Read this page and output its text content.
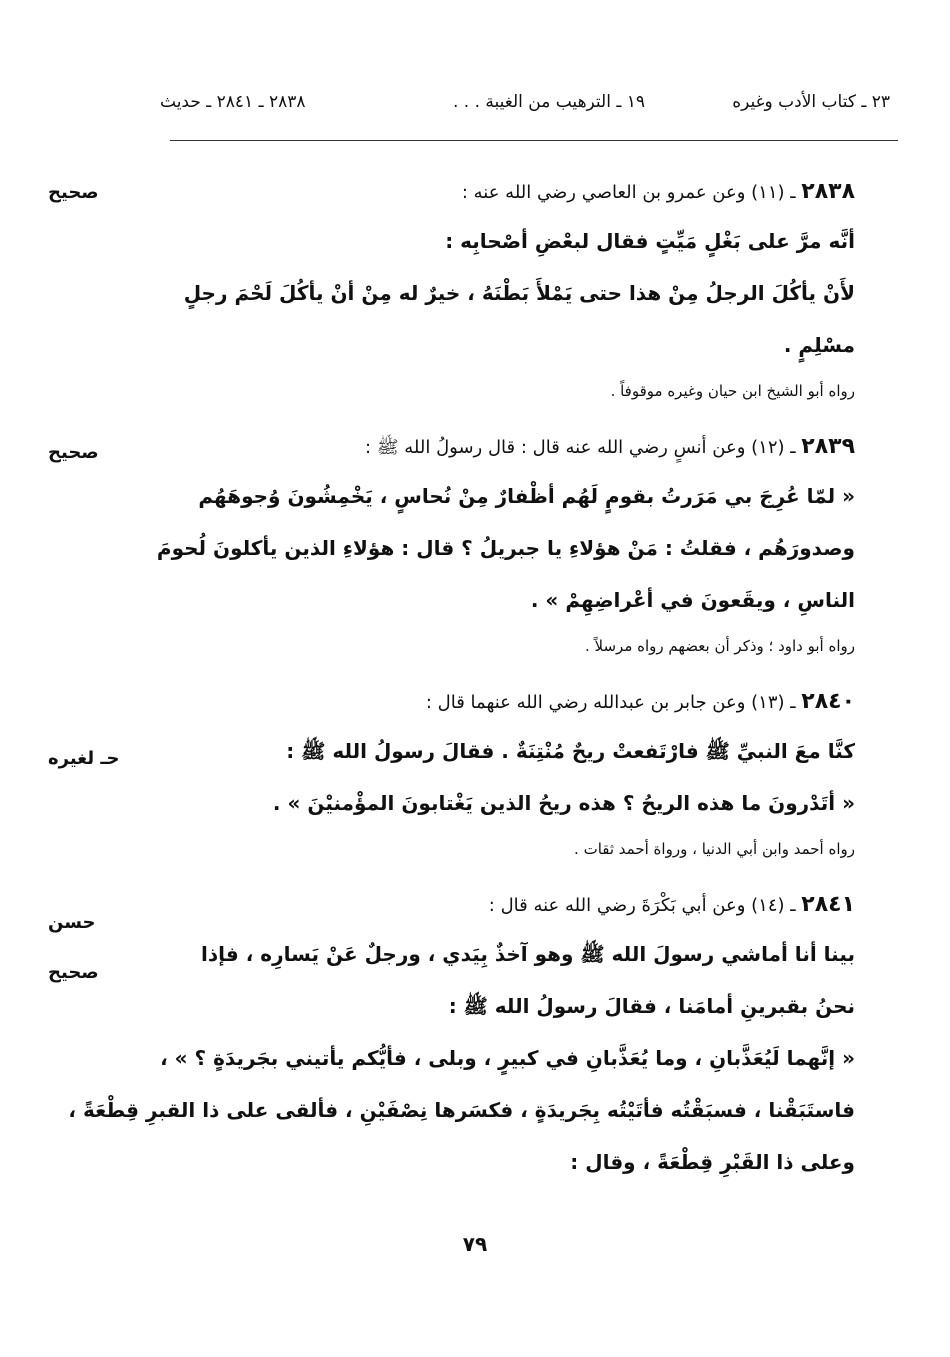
٢٣ ـ كتاب الأدب وغيره
١٩ ـ الترهيب من الغيبة . . .
٢٨٣٨ ـ ٢٨٤١ ـ حديث
٢٨٣٨ ـ (١١) وعن عمرو بن العاصي رضي الله عنه :
أنَّه مرَّ على بَغْلٍ مَيِّتٍ فقال لبعْضِ أصْحابِه :
لأَنْ يأكُلَ الرجلُ مِنْ هذا حتى يَمْلأَ بَطْنَهُ ، خيرٌ له مِنْ أنْ يأكُلَ لَحْمَ رجلٍ
مسْلِمٍ .
رواه أبو الشيخ ابن حيان وغيره موقوفاً .
٢٨٣٩ ـ (١٢) وعن أنسٍ رضي الله عنه قال : قال رسولُ الله ﷺ :
« لمّا عُرِجَ بي مَرَرتُ بقومٍ لَهُم أظْفارٌ مِنْ نُحاسٍ ، يَخْمِشُونَ وُجوهَهُم
وصدورَهُم ، فقلتُ : مَنْ هؤلاءِ يا جبريلُ ؟ قال : هؤلاءِ الذين يأكلونَ لُحومَ
الناسِ ، ويقَعونَ في أعْراضِهِمْ » .
رواه أبو داود ؛ وذكر أن بعضهم رواه مرسلاً .
٢٨٤٠ ـ (١٣) وعن جابر بن عبدالله رضي الله عنهما قال :
كنَّا معَ النبيِّ ﷺ فارْتَفعتْ ريحٌ مُنْتِنَةٌ . فقالَ رسولُ الله ﷺ :
« أتَدْرونَ ما هذه الريحُ ؟ هذه ريحُ الذين يَغْتابونَ المؤْمنيْنَ » .
رواه أحمد وابن أبي الدنيا ، ورواة أحمد ثقات .
٢٨٤١ ـ (١٤) وعن أبي بَكْرَةَ رضي الله عنه قال :
بينا أنا أماشي رسولَ الله ﷺ وهو آخذٌ بِيَدي ، ورجلٌ عَنْ يَسارِه ، فإذا
نحنُ بقبرينِ أمامَنا ، فقالَ رسولُ الله ﷺ :
« إنَّهما لَيُعَذَّبانِ ، وما يُعَذَّبانِ في كبيرٍ ، وبلى ، فأيُّكم يأتيني بجَريدَةٍ ؟ » ،
فاستَبَقْنا ، فسبَقْتُه فأتَيْتُه بِجَريدَةٍ ، فكسَرها نِصْفَيْنِ ، فألقى على ذا القبرِ قِطْعَةً ،
وعلى ذا القَبْرِ قِطْعَةً ، وقال :
صحيح
صحيح
حـ لغيره
حسن
صحيح
٧٩
